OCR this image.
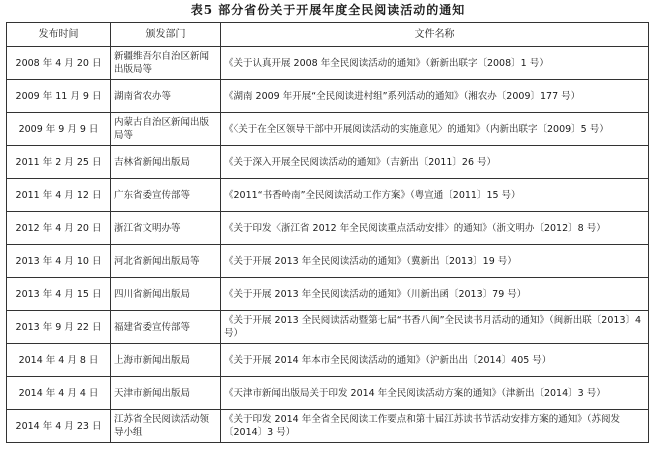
表5 部分省份关于开展年度全民阅读活动的通知
发布时间	颁发部门	文件名称
2008 年 4 月 20 日	新疆维吾尔自治区新闻出版局等	《关于认真开展 2008 年全民阅读活动的通知》（新新出联字〔2008〕1 号）
2009 年 11 月 9 日	湖南省农办等	《湖南 2009 年开展“全民阅读进村组”系列活动的通知》（湘农办〔2009〕177 号）
2009 年 9 月 9 日	内蒙古自治区新闻出版局等	《〈关于在全区领导干部中开展阅读活动的实施意见〉的通知》（内新出联字〔2009〕5 号）
2011 年 2 月 25 日	吉林省新闻出版局	《关于深入开展全民阅读活动的通知》（吉新出〔2011〕26 号）
2011 年 4 月 12 日	广东省委宣传部等	《2011“书香岭南”全民阅读活动工作方案》（粤宣通〔2011〕15 号）
2012 年 4 月 20 日	浙江省文明办等	《关于印发〈浙江省 2012 年全民阅读重点活动安排〉的通知》（浙文明办〔2012〕8 号）
2013 年 4 月 10 日	河北省新闻出版局等	《关于开展 2013 年全民阅读活动的通知》（冀新出〔2013〕19 号）
2013 年 4 月 15 日	四川省新闻出版局	《关于开展 2013 年全民阅读活动的通知》（川新出函〔2013〕79 号）
2013 年 9 月 22 日	福建省委宣传部等	《关于开展 2013 全民阅读活动暨第七届“书香八闽”全民读书月活动的通知》（闽新出联〔2013〕4 号）
2014 年 4 月 8 日	上海市新闻出版局	《关于开展 2014 年本市全民阅读活动的通知》（沪新出出〔2014〕405 号）
2014 年 4 月 4 日	天津市新闻出版局	《天津市新闻出版局关于印发 2014 年全民阅读活动方案的通知》（津新出〔2014〕3 号）
2014 年 4 月 23 日	江苏省全民阅读活动领导小组	《关于印发 2014 年全省全民阅读工作要点和第十届江苏读书节活动安排方案的通知》（苏阅发〔2014〕3 号）
